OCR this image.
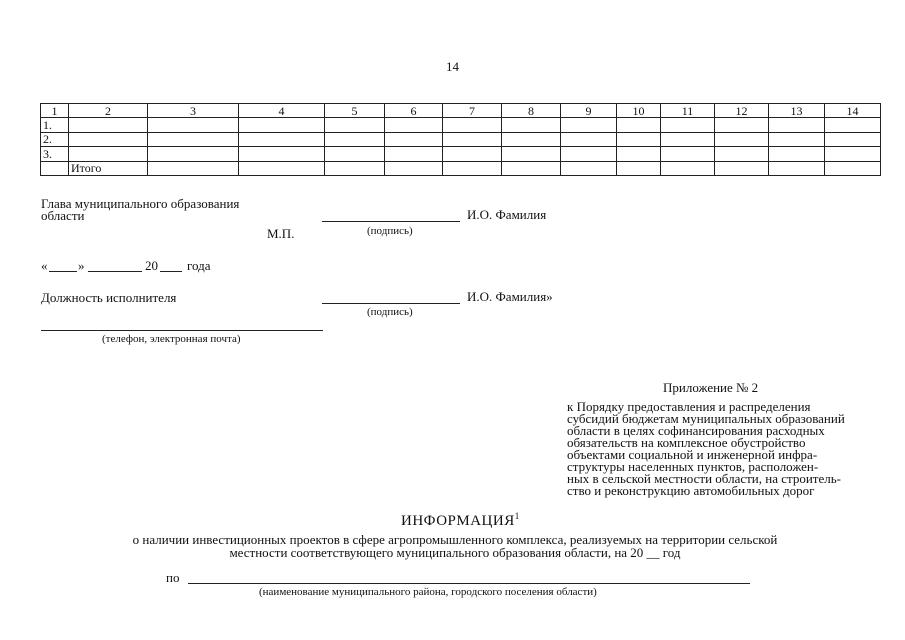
14
1	2	3	4	5	6	7	8	9	10	11	12	13	14
1.													
2.													
3.													
	Итого												
Глава муниципального образования
области	И.О. Фамилия
М.П.	(подпись)
« »	20 года
Должность исполнителя	И.О. Фамилия»
(подпись)
(телефон, электронная почта)
Приложение № 2
к Порядку предоставления и распределения
субсидий бюджетам муниципальных образований
области в целях софинансирования расходных
обязательств на комплексное обустройство
объектами социальной и инженерной инфра-
структуры населенных пунктов, расположен-
ных в сельской местности области, на строитель-
ство и реконструкцию автомобильных дорог
ИНФОРМАЦИЯ$^1$
о наличии инвестиционных проектов в сфере агропромышленного комплекса, реализуемых на территории сельской
местности соответствующего муниципального образования области, на 20 __ год
по
(наименование муниципального района, городского поселения области)
